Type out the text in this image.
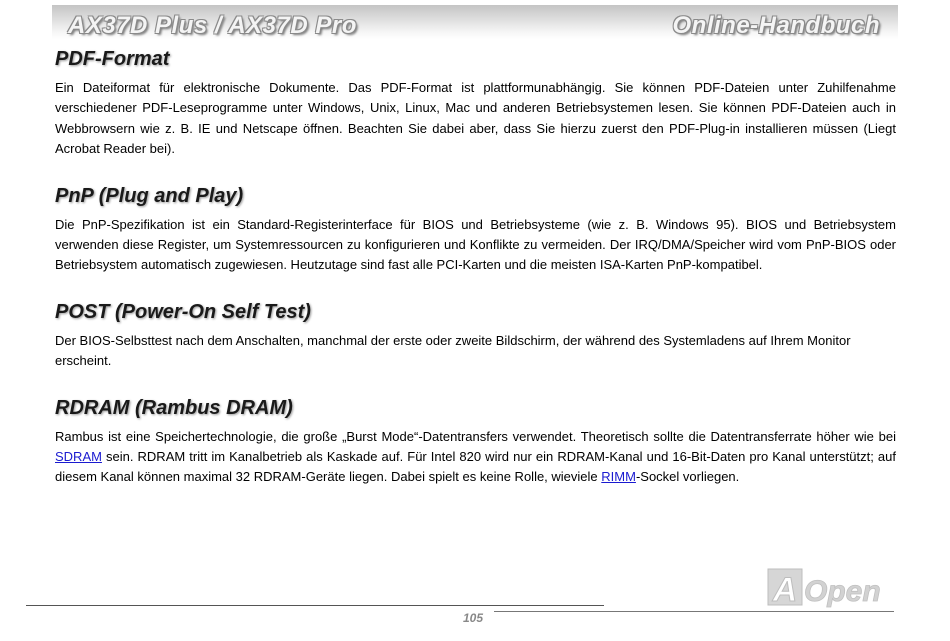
AX37D Plus / AX37D Pro	Online-Handbuch
PDF-Format

Ein Dateiformat für elektronische Dokumente. Das PDF-Format ist plattformunabhängig. Sie können PDF-Dateien unter Zuhilfenahme verschiedener PDF-Leseprogramme unter Windows, Unix, Linux, Mac und anderen Betriebsystemen lesen. Sie können PDF-Dateien auch in Webbrowsern wie z. B. IE und Netscape öffnen. Beachten Sie dabei aber, dass Sie hierzu zuerst den PDF-Plug-in installieren müssen (Liegt Acrobat Reader bei).

PnP (Plug and Play)

Die PnP-Spezifikation ist ein Standard-Registerinterface für BIOS und Betriebsysteme (wie z. B. Windows 95). BIOS und Betriebsystem verwenden diese Register, um Systemressourcen zu konfigurieren und Konflikte zu vermeiden. Der IRQ/DMA/Speicher wird vom PnP-BIOS oder Betriebsystem automatisch zugewiesen. Heutzutage sind fast alle PCI-Karten und die meisten ISA-Karten PnP-kompatibel.

POST (Power-On Self Test)

Der BIOS-Selbsttest nach dem Anschalten, manchmal der erste oder zweite Bildschirm, der während des Systemladens auf Ihrem Monitor erscheint.

RDRAM (Rambus DRAM)

Rambus ist eine Speichertechnologie, die große „Burst Mode“-Datentransfers verwendet. Theoretisch sollte die Datentransferrate höher wie bei SDRAM sein. RDRAM tritt im Kanalbetrieb als Kaskade auf. Für Intel 820 wird nur ein RDRAM-Kanal und 16-Bit-Daten pro Kanal unterstützt; auf diesem Kanal können maximal 32 RDRAM-Geräte liegen. Dabei spielt es keine Rolle, wieviele RIMM-Sockel vorliegen.

105
A Open
